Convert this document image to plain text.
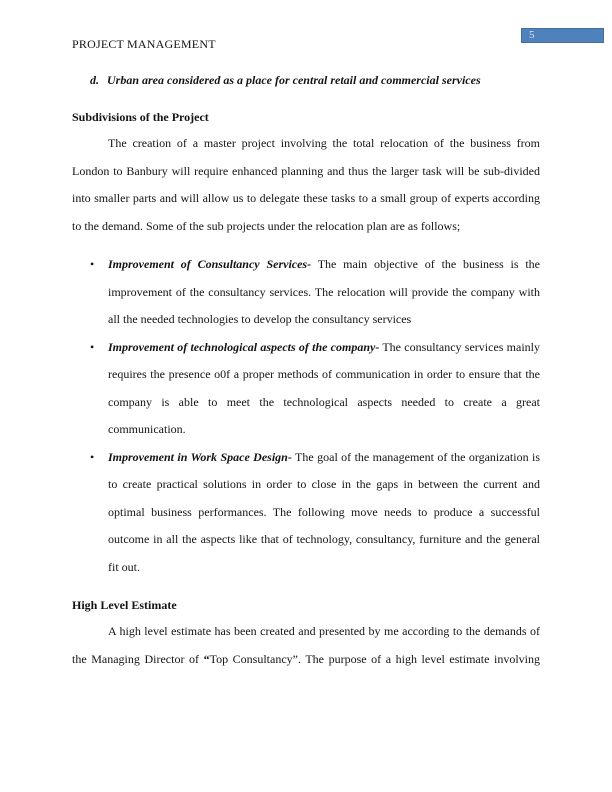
5

PROJECT MANAGEMENT

d. Urban area considered as a place for central retail and commercial services

Subdivisions of the Project

The creation of a master project involving the total relocation of the business from London to Banbury will require enhanced planning and thus the larger task will be sub-divided into smaller parts and will allow us to delegate these tasks to a small group of experts according to the demand. Some of the sub projects under the relocation plan are as follows;

• Improvement of Consultancy Services- The main objective of the business is the improvement of the consultancy services. The relocation will provide the company with all the needed technologies to develop the consultancy services
• Improvement of technological aspects of the company- The consultancy services mainly requires the presence o0f a proper methods of communication in order to ensure that the company is able to meet the technological aspects needed to create a great communication.
• Improvement in Work Space Design- The goal of the management of the organization is to create practical solutions in order to close in the gaps in between the current and optimal business performances. The following move needs to produce a successful outcome in all the aspects like that of technology, consultancy, furniture and the general fit out.

High Level Estimate

A high level estimate has been created and presented by me according to the demands of the Managing Director of “Top Consultancy”. The purpose of a high level estimate involving
